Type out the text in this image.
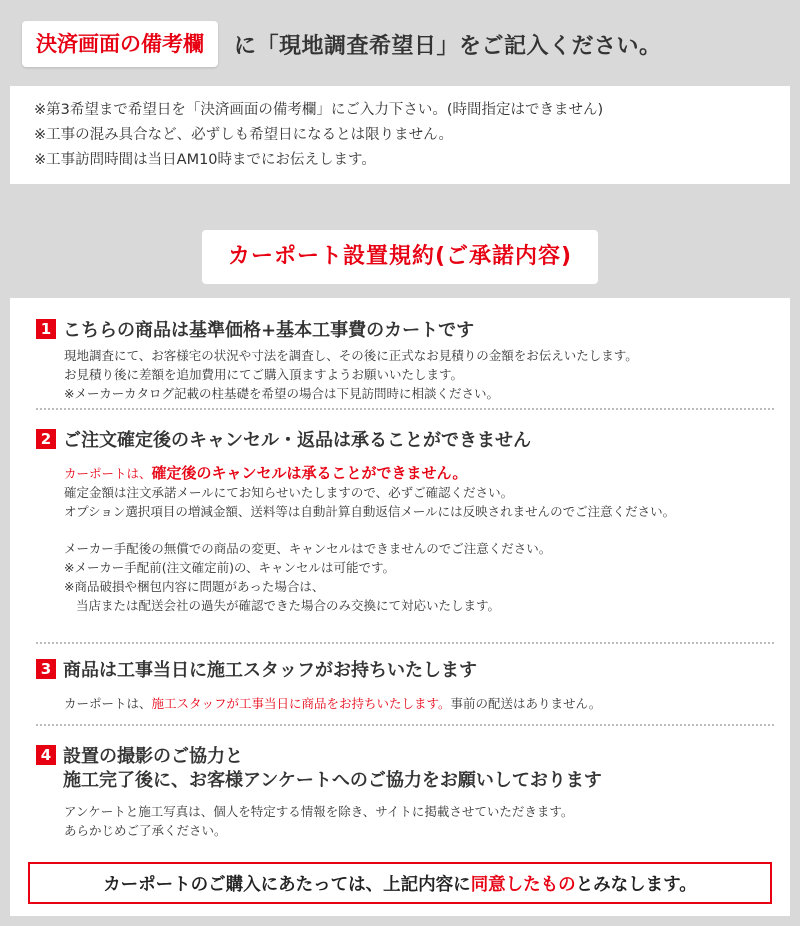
決済画面の備考欄	に「現地調査希望日」をご記入ください。
※第3希望まで希望日を「決済画面の備考欄」にご入力下さい。(時間指定はできません)
※工事の混み具合など、必ずしも希望日になるとは限りません。
※工事訪問時間は当日AM10時までにお伝えします。
カーポート設置規約(ご承諾内容)
1 こちらの商品は基準価格+基本工事費のカートです
現地調査にて、お客様宅の状況や寸法を調査し、その後に正式なお見積りの金額をお伝えいたします。
お見積り後に差額を追加費用にてご購入頂ますようお願いいたします。
※メーカーカタログ記載の柱基礎を希望の場合は下見訪問時に相談ください。
2 ご注文確定後のキャンセル・返品は承ることができません
カーポートは、確定後のキャンセルは承ることができません。
確定金額は注文承諾メールにてお知らせいたしますので、必ずご確認ください。
オプション選択項目の増減金額、送料等は自動計算自動返信メールには反映されませんのでご注意ください。
メーカー手配後の無償での商品の変更、キャンセルはできませんのでご注意ください。
※メーカー手配前(注文確定前)の、キャンセルは可能です。
※商品破損や梱包内容に問題があった場合は、
当店または配送会社の過失が確認できた場合のみ交換にて対応いたします。
3 商品は工事当日に施工スタッフがお持ちいたします
カーポートは、施工スタッフが工事当日に商品をお持ちいたします。事前の配送はありません。
4 設置の撮影のご協力と
施工完了後に、お客様アンケートへのご協力をお願いしております
アンケートと施工写真は、個人を特定する情報を除き、サイトに掲載させていただきます。
あらかじめご了承ください。
カーポートのご購入にあたっては、上記内容に 同意したもの とみなします。
